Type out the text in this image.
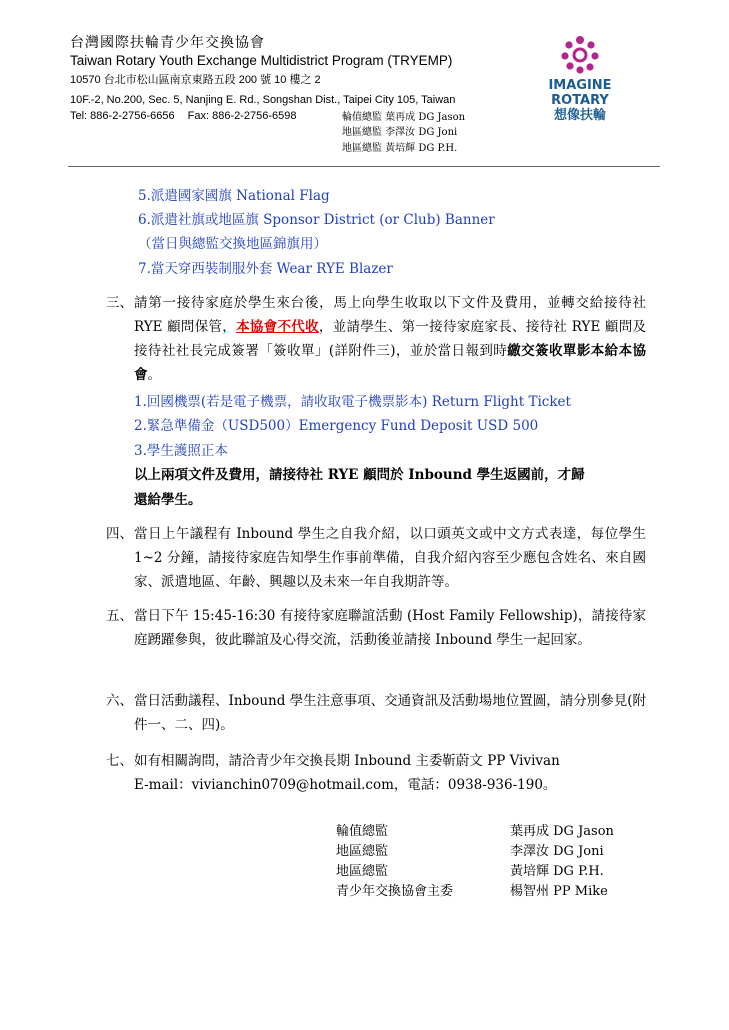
台灣國際扶輪青少年交換協會
Taiwan Rotary Youth Exchange Multidistrict Program (TRYEMP)
10570 台北市松山區南京東路五段 200 號 10 樓之 2
10F.-2, No.200, Sec. 5, Nanjing E. Rd., Songshan Dist., Taipei City 105, Taiwan
Tel: 886-2-2756-6656 Fax: 886-2-2756-6598	輪值總監 葉再成 DG Jason
地區總監 李澤汝 DG Joni
地區總監 黃培輝 DG P.H.
IMAGINE
ROTARY
想像扶輪
5.派遣國家國旗 National Flag
6.派遣社旗或地區旗 Sponsor District (or Club) Banner
（當日與總監交換地區錦旗用）
7.當天穿西裝制服外套 Wear RYE Blazer
三、 請第一接待家庭於學生來台後，馬上向學生收取以下文件及費用，並轉交給接待社 RYE 顧問保管，本協會不代收，並請學生、第一接待家庭家長、接待社 RYE 顧問及接待社社長完成簽署「簽收單」(詳附件三)，並於當日報到時繳交簽收單影本給本協會。
1.回國機票(若是電子機票，請收取電子機票影本) Return Flight Ticket
2.緊急準備金（USD500）Emergency Fund Deposit USD 500
3.學生護照正本
以上兩項文件及費用，請接待社 RYE 顧問於 Inbound 學生返國前，才歸
還給學生。
四、 當日上午議程有 Inbound 學生之自我介紹，以口頭英文或中文方式表達，每位學生 1~2 分鐘，請接待家庭告知學生作事前準備，自我介紹內容至少應包含姓名、來自國家、派遣地區、年齡、興趣以及未來一年自我期許等。
五、 當日下午 15:45-16:30 有接待家庭聯誼活動 (Host Family Fellowship)，請接待家庭踴躍參與，彼此聯誼及心得交流，活動後並請接 Inbound 學生一起回家。
六、 當日活動議程、Inbound 學生注意事項、交通資訊及活動場地位置圖，請分別參見(附件一、二、四)。
七、 如有相關詢問，請洽青少年交換長期 Inbound 主委靳蔚文 PP Vivivan
E-mail：vivianchin0709@hotmail.com，電話：0938-936-190。
輪值總監
地區總監
地區總監
青少年交換協會主委
葉再成 DG Jason
李澤汝 DG Joni
黃培輝 DG P.H.
楊智州 PP Mike
